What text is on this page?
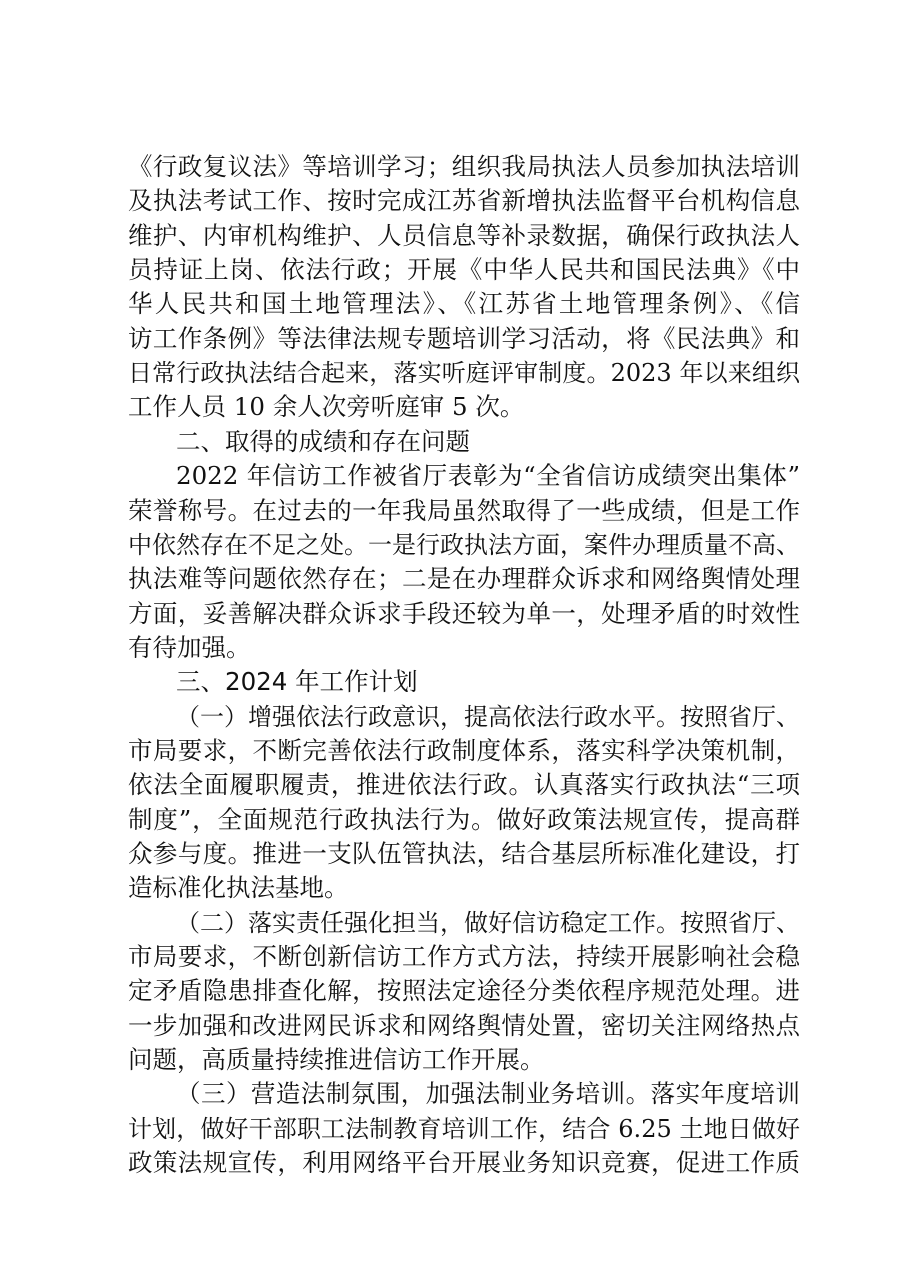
《行政复议法》等培训学习；组织我局执法人员参加执法培训
及执法考试工作、按时完成江苏省新增执法监督平台机构信息
维护、内审机构维护、人员信息等补录数据，确保行政执法人
员持证上岗、依法行政；开展《中华人民共和国民法典》《中
华人民共和国土地管理法》、《江苏省土地管理条例》、《信
访工作条例》等法律法规专题培训学习活动，将《民法典》和
日常行政执法结合起来，落实听庭评审制度。2023 年以来组织
工作人员 10 余人次旁听庭审 5 次。
二、取得的成绩和存在问题
2022 年信访工作被省厅表彰为“全省信访成绩突出集体”
荣誉称号。在过去的一年我局虽然取得了一些成绩，但是工作
中依然存在不足之处。一是行政执法方面，案件办理质量不高、
执法难等问题依然存在；二是在办理群众诉求和网络舆情处理
方面，妥善解决群众诉求手段还较为单一，处理矛盾的时效性
有待加强。
三、2024 年工作计划
（一）增强依法行政意识，提高依法行政水平。按照省厅、
市局要求，不断完善依法行政制度体系，落实科学决策机制，
依法全面履职履责，推进依法行政。认真落实行政执法“三项
制度”，全面规范行政执法行为。做好政策法规宣传，提高群
众参与度。推进一支队伍管执法，结合基层所标准化建设，打
造标准化执法基地。
（二）落实责任强化担当，做好信访稳定工作。按照省厅、
市局要求，不断创新信访工作方式方法，持续开展影响社会稳
定矛盾隐患排查化解，按照法定途径分类依程序规范处理。进
一步加强和改进网民诉求和网络舆情处置，密切关注网络热点
问题，高质量持续推进信访工作开展。
（三）营造法制氛围，加强法制业务培训。落实年度培训
计划，做好干部职工法制教育培训工作，结合 6.25 土地日做好
政策法规宣传，利用网络平台开展业务知识竞赛，促进工作质
